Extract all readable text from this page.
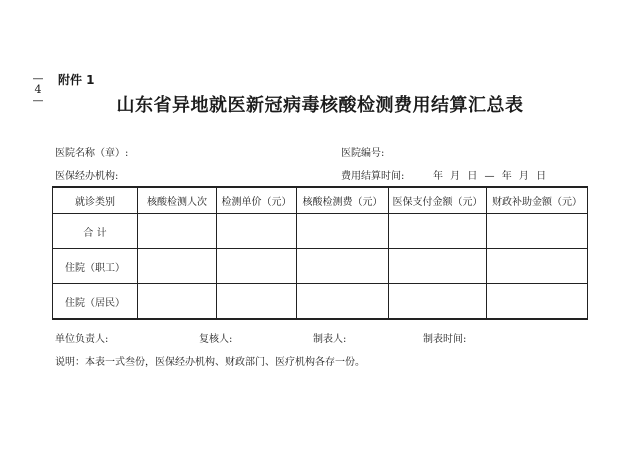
—
4
—
附件 1
山东省异地就医新冠病毒核酸检测费用结算汇总表
医院名称（章）:	医院编号:
医保经办机构:	费用结算时间:	年 月 日 — 年 月 日
就诊类别	核酸检测人次	检测单价（元）	核酸检测费（元）	医保支付金额（元）	财政补助金额（元）
合 计					
住院（职工）					
住院（居民）					
单位负责人:	复核人:	制表人:	制表时间:
说明：本表一式叁份，医保经办机构、财政部门、医疗机构各存一份。
